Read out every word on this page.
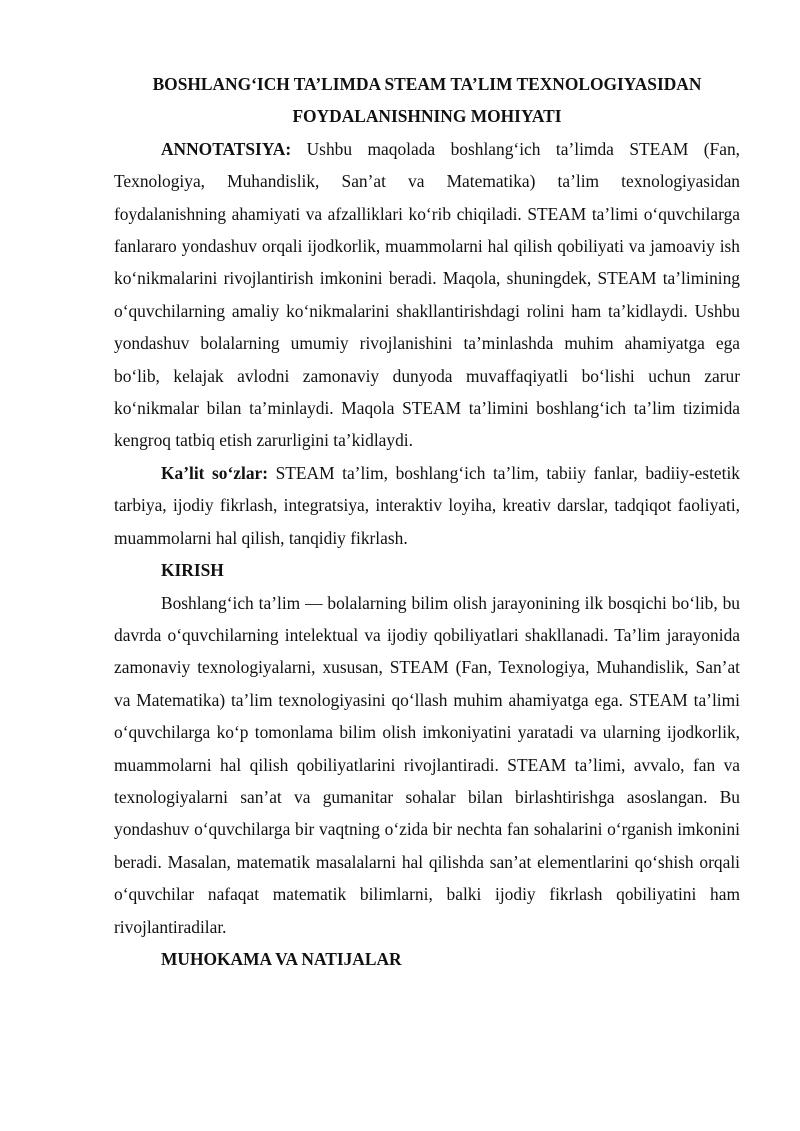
BOSHLANG‘ICH TA’LIMDA STEAM TA’LIM TEXNOLOGIYASIDAN
FOYDALANISHNING MOHIYATI

ANNOTATSIYA: Ushbu maqolada boshlang‘ich ta’limda STEAM (Fan, Texnologiya, Muhandislik, San’at va Matematika) ta’lim texnologiyasidan foydalanishning ahamiyati va afzalliklari ko‘rib chiqiladi. STEAM ta’limi o‘quvchilarga fanlararo yondashuv orqali ijodkorlik, muammolarni hal qilish qobiliyati va jamoaviy ish ko‘nikmalarini rivojlantirish imkonini beradi. Maqola, shuningdek, STEAM ta’limining o‘quvchilarning amaliy ko‘nikmalarini shakllantirishdagi rolini ham ta’kidlaydi. Ushbu yondashuv bolalarning umumiy rivojlanishini ta’minlashda muhim ahamiyatga ega bo‘lib, kelajak avlodni zamonaviy dunyoda muvaffaqiyatli bo‘lishi uchun zarur ko‘nikmalar bilan ta’minlaydi. Maqola STEAM ta’limini boshlang‘ich ta’lim tizimida kengroq tatbiq etish zarurligini ta’kidlaydi.

Ka’lit so‘zlar: STEAM ta’lim, boshlang‘ich ta’lim, tabiiy fanlar, badiiy-estetik tarbiya, ijodiy fikrlash, integratsiya, interaktiv loyiha, kreativ darslar, tadqiqot faoliyati, muammolarni hal qilish, tanqidiy fikrlash.

KIRISH

Boshlang‘ich ta’lim — bolalarning bilim olish jarayonining ilk bosqichi bo‘lib, bu davrda o‘quvchilarning intelektual va ijodiy qobiliyatlari shakllanadi. Ta’lim jarayonida zamonaviy texnologiyalarni, xususan, STEAM (Fan, Texnologiya, Muhandislik, San’at va Matematika) ta’lim texnologiyasini qo‘llash muhim ahamiyatga ega. STEAM ta’limi o‘quvchilarga ko‘p tomonlama bilim olish imkoniyatini yaratadi va ularning ijodkorlik, muammolarni hal qilish qobiliyatlarini rivojlantiradi. STEAM ta’limi, avvalo, fan va texnologiyalarni san’at va gumanitar sohalar bilan birlashtirishga asoslangan. Bu yondashuv o‘quvchilarga bir vaqtning o‘zida bir nechta fan sohalarini o‘rganish imkonini beradi. Masalan, matematik masalalarni hal qilishda san’at elementlarini qo‘shish orqali o‘quvchilar nafaqat matematik bilimlarni, balki ijodiy fikrlash qobiliyatini ham rivojlantiradilar.

MUHOKAMA VA NATIJALAR
